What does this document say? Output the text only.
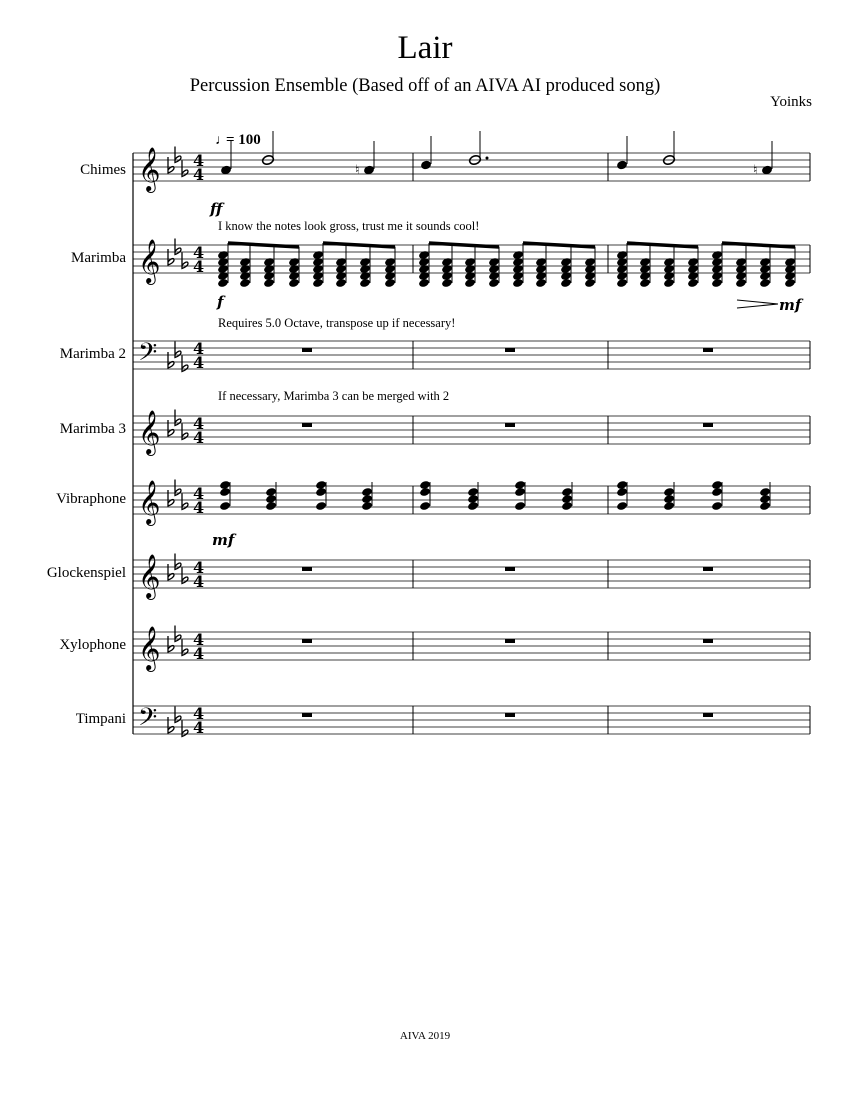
Lair
Percussion Ensemble (Based off of an AIVA AI produced song)
Yoinks
Chimes
Marimba
Marimba 2
Marimba 3
Vibraphone
Glockenspiel
Xylophone
Timpani
♩
= 100
𝄞 4
4
𝄞 4
4
𝄢 4
4
𝄞 4
4
𝄞 4
4
𝄞 4
4
𝄞 4
4
𝄢 4
4
♮	♮
ff
I know the notes look gross, trust me it sounds cool!
f	mf
Requires 5.0 Octave, transpose up if necessary!
If necessary, Marimba 3 can be merged with 2
mf
AIVA 2019
